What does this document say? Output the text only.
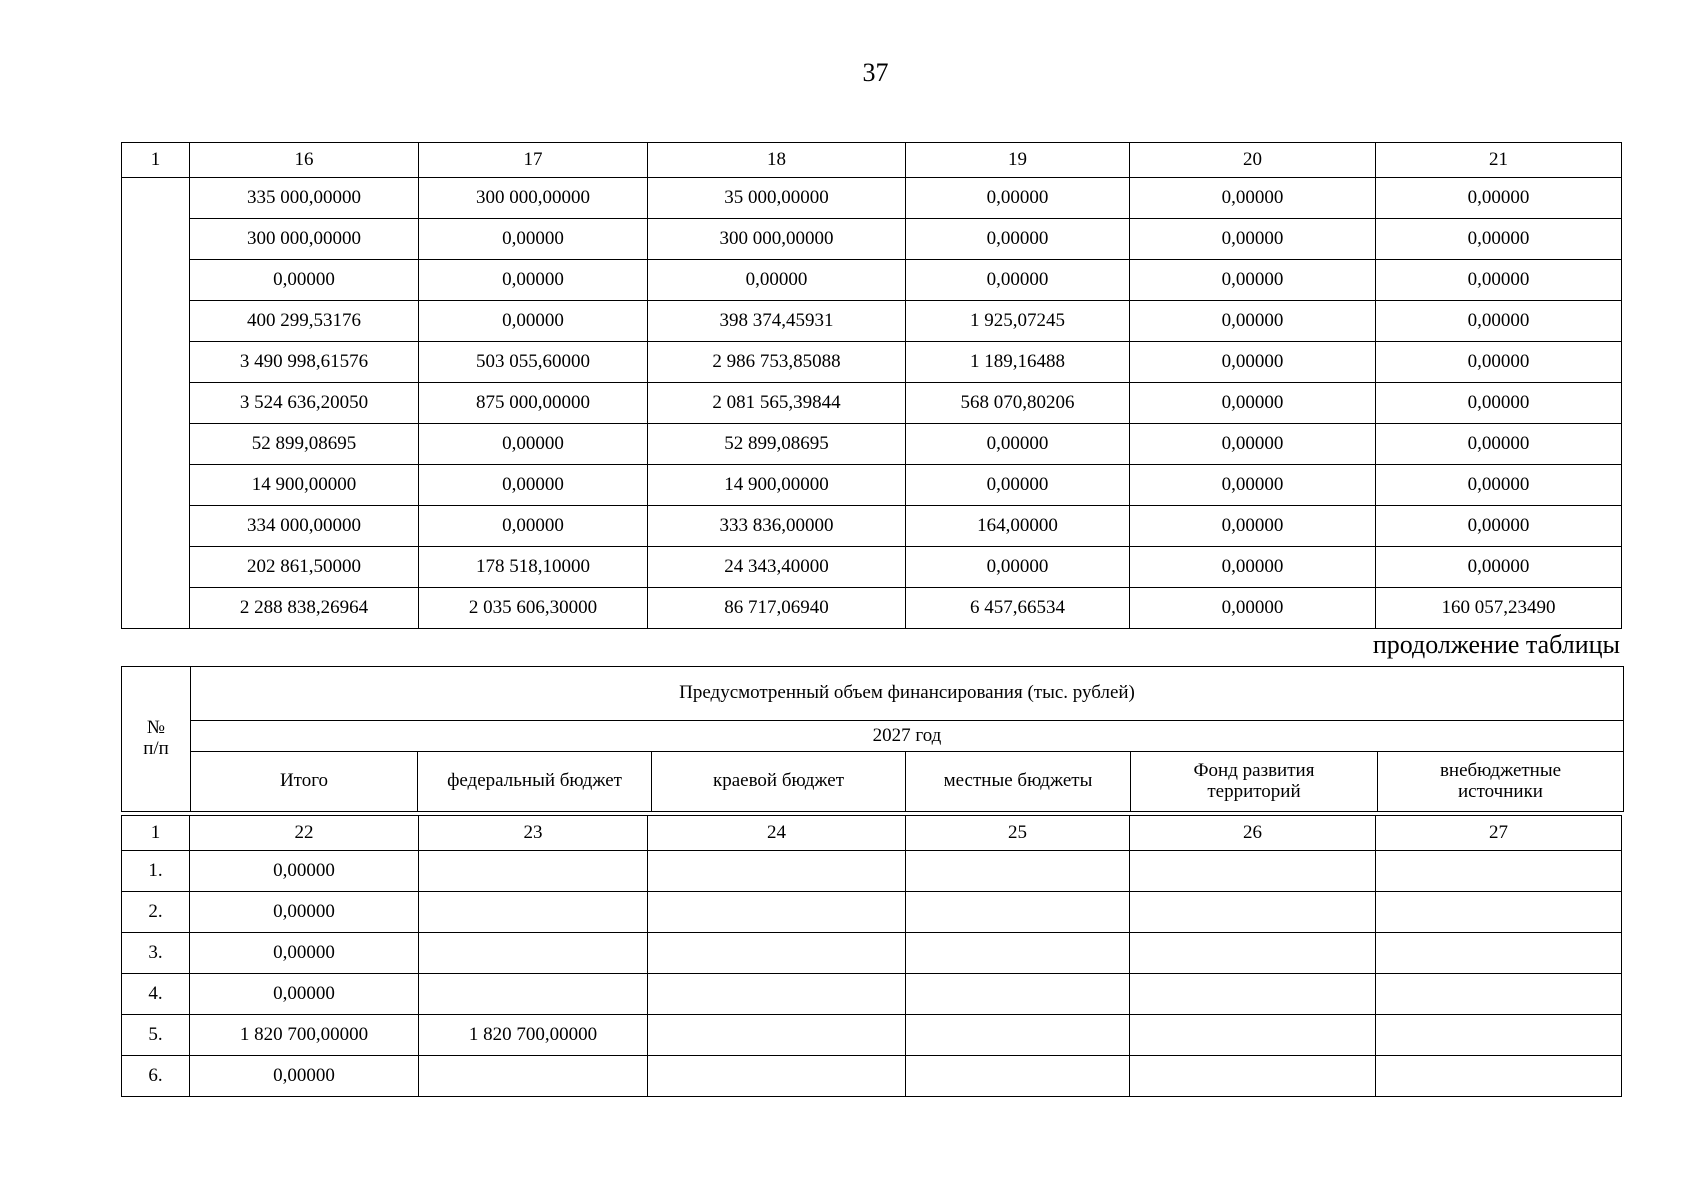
37
1	16	17	18	19	20	21
	335 000,00000	300 000,00000	35 000,00000	0,00000	0,00000	0,00000
	300 000,00000	0,00000	300 000,00000	0,00000	0,00000	0,00000
	0,00000	0,00000	0,00000	0,00000	0,00000	0,00000
	400 299,53176	0,00000	398 374,45931	1 925,07245	0,00000	0,00000
	3 490 998,61576	503 055,60000	2 986 753,85088	1 189,16488	0,00000	0,00000
	3 524 636,20050	875 000,00000	2 081 565,39844	568 070,80206	0,00000	0,00000
	52 899,08695	0,00000	52 899,08695	0,00000	0,00000	0,00000
	14 900,00000	0,00000	14 900,00000	0,00000	0,00000	0,00000
	334 000,00000	0,00000	333 836,00000	164,00000	0,00000	0,00000
	202 861,50000	178 518,10000	24 343,40000	0,00000	0,00000	0,00000
	2 288 838,26964	2 035 606,30000	86 717,06940	6 457,66534	0,00000	160 057,23490
продолжение таблицы
№
п/п	Предусмотренный объем финансирования (тыс. рублей)					
	2027 год					
	Итого	федеральный бюджет	краевой бюджет	местные бюджеты	Фонд развития территорий	внебюджетные источники
1	22	23	24	25	26	27
1.	0,00000					
2.	0,00000					
3.	0,00000					
4.	0,00000					
5.	1 820 700,00000	1 820 700,00000				
6.	0,00000					
